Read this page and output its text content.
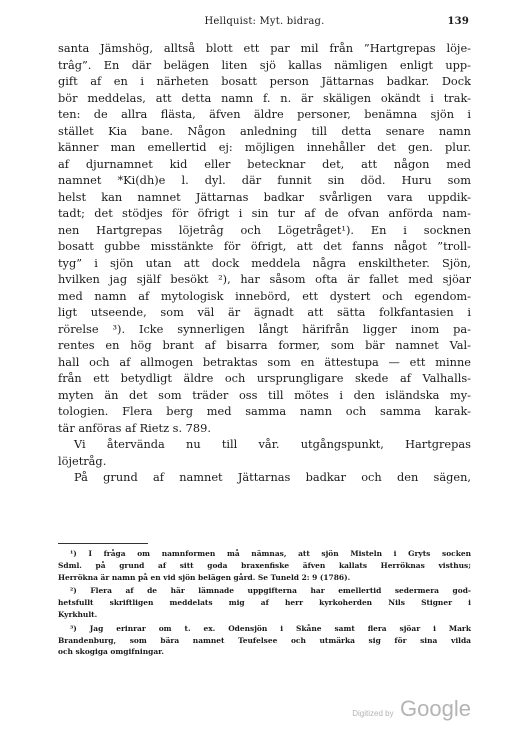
Hellquist: Myt. bidrag.	139
santa Jämshög, alltså blott ett par mil från ”Hartgrepas löje-
trâg”. En där belägen liten sjö kallas nämligen enligt upp-
gift af en i närheten bosatt person Jättarnas badkar. Dock
bör meddelas, att detta namn f. n. är skäligen okändt i trak-
ten: de allra flästa, äfven äldre personer, benämna sjön i
stället Kia bane. Någon anledning till detta senare namn
känner man emellertid ej: möjligen innehåller det gen. plur.
af djurnamnet kid eller betecknar det, att någon med
namnet *Ki(dh)e l. dyl. där funnit sin död. Huru som
helst kan namnet Jättarnas badkar svårligen vara uppdik-
tadt; det stödjes för öfrigt i sin tur af de ofvan anförda nam-
nen Hartgrepas löjetrâg och Lögetråget¹). En i socknen
bosatt gubbe misstänkte för öfrigt, att det fanns något ”troll-
tyg” i sjön utan att dock meddela några enskiltheter. Sjön,
hvilken jag själf besökt ²), har såsom ofta är fallet med sjöar
med namn af mytologisk innebörd, ett dystert och egendom-
ligt utseende, som väl är ägnadt att sätta folkfantasien i
rörelse ³). Icke synnerligen långt härifrån ligger inom pa-
rentes en hög brant af bisarra former, som bär namnet Val-
hall och af allmogen betraktas som en ättestupa — ett minne
från ett betydligt äldre och ursprungligare skede af Valhalls-
myten än det som träder oss till mötes i den isländska my-
tologien. Flera berg med samma namn och samma karak-
tär anföras af Rietz s. 789.
Vi återvända nu till vår. utgångspunkt, Hartgrepas
löjetråg.
På grund af namnet Jättarnas badkar och den sägen,
¹) I fråga om namnformen må nämnas, att sjön Misteln i Gryts socken
Sdml. på grund af sitt goda braxenfiske äfven kallats Herröknas visthus;
Herrökna är namn på en vid sjön belägen gård. Se Tuneld 2: 9 (1786).
²) Flera af de här lämnade uppgifterna har emellertid sedermera god-
hetsfullt skriftligen meddelats mig af herr kyrkoherden Nils Stigner i
Kyrkhult.
³) Jag erinrar om t. ex. Odensjön i Skåne samt flera sjöar i Mark
Brandenburg, som bära namnet Teufelsee och utmärka sig för sina vilda
och skogiga omgifningar.
Digitized by Google
